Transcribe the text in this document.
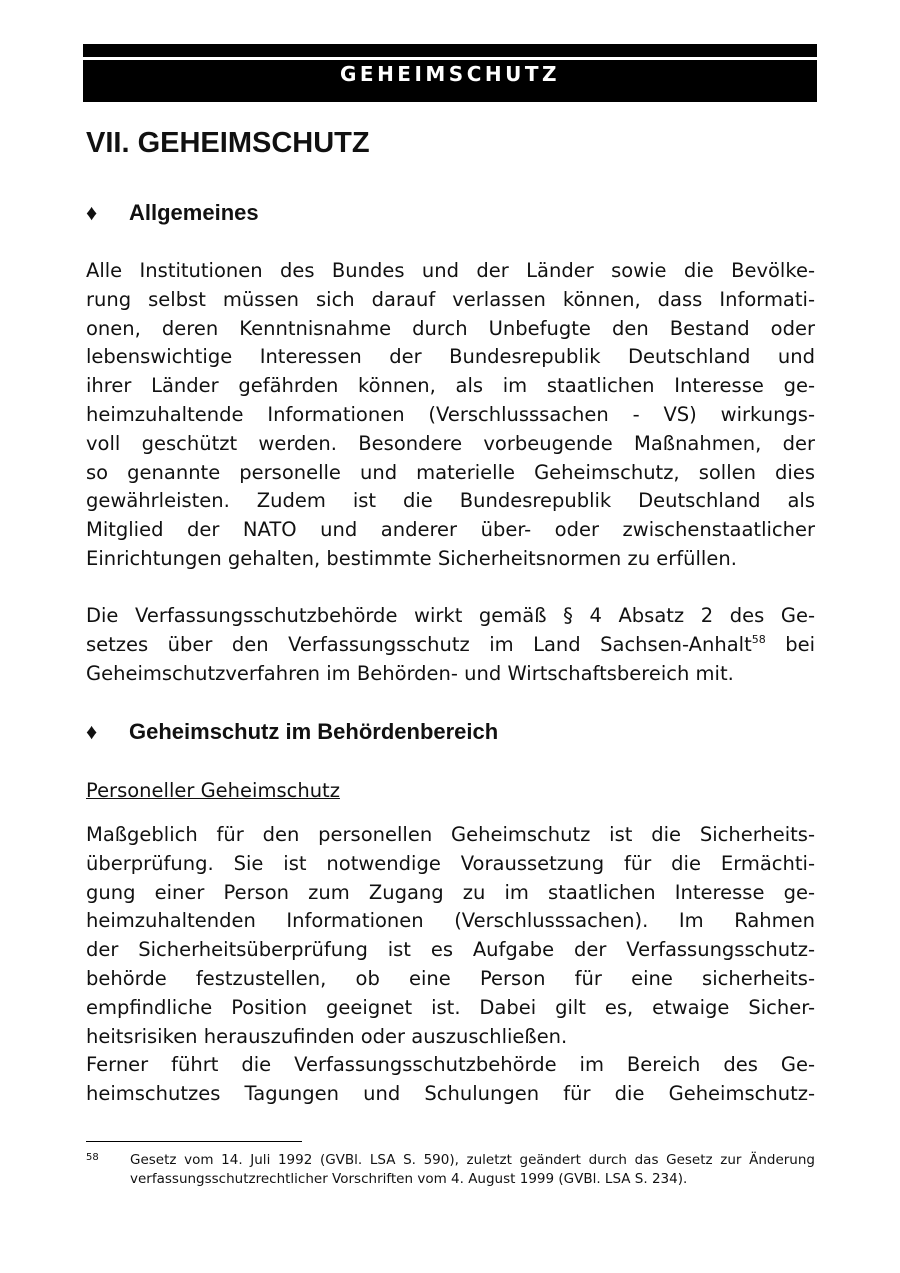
GEHEIMSCHUTZ
VII. GEHEIMSCHUTZ
♦	Allgemeines
Alle Institutionen des Bundes und der Länder sowie die Bevölke-
rung selbst müssen sich darauf verlassen können, dass Informati-
onen, deren Kenntnisnahme durch Unbefugte den Bestand oder
lebenswichtige Interessen der Bundesrepublik Deutschland und
ihrer Länder gefährden können, als im staatlichen Interesse ge-
heimzuhaltende Informationen (Verschlusssachen - VS) wirkungs-
voll geschützt werden. Besondere vorbeugende Maßnahmen, der
so genannte personelle und materielle Geheimschutz, sollen dies
gewährleisten. Zudem ist die Bundesrepublik Deutschland als
Mitglied der NATO und anderer über- oder zwischenstaatlicher
Einrichtungen gehalten, bestimmte Sicherheitsnormen zu erfüllen.
Die Verfassungsschutzbehörde wirkt gemäß § 4 Absatz 2 des Ge-
setzes über den Verfassungsschutz im Land Sachsen-Anhalt$^{58}$ bei
Geheimschutzverfahren im Behörden- und Wirtschaftsbereich mit.
♦	Geheimschutz im Behördenbereich

Personeller Geheimschutz

Maßgeblich für den personellen Geheimschutz ist die Sicherheits-
überprüfung. Sie ist notwendige Voraussetzung für die Ermächti-
gung einer Person zum Zugang zu im staatlichen Interesse ge-
heimzuhaltenden Informationen (Verschlusssachen). Im Rahmen
der Sicherheitsüberprüfung ist es Aufgabe der Verfassungsschutz-
behörde festzustellen, ob eine Person für eine sicherheits-
empfindliche Position geeignet ist. Dabei gilt es, etwaige Sicher-
heitsrisiken herauszufinden oder auszuschließen.
Ferner führt die Verfassungsschutzbehörde im Bereich des Ge-
heimschutzes Tagungen und Schulungen für die Geheimschutz-
58 Gesetz vom 14. Juli 1992 (GVBl. LSA S. 590), zuletzt geändert durch das Gesetz zur Änderung
verfassungsschutzrechtlicher Vorschriften vom 4. August 1999 (GVBl. LSA S. 234).
